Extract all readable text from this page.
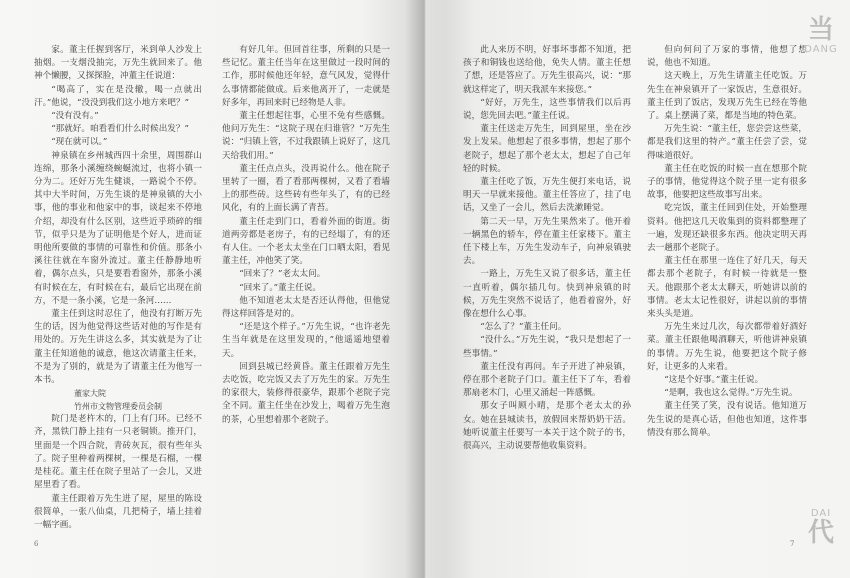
家。董主任握到客厅，米到单人沙发上抽烟。一支烟没抽完，万先生就回来了。他神个懒腰，又探探脸，冲董主任说道：

“喝高了，实在是没辙，喝一点就出汗。”他说，“没没到我们这小地方来吧？”

“没有没有。”

“那就好。咱看看们什么时候出发？”

“现在就可以。”

神泉镇在乡州城西四十余里，周围群山连绵，那条小溪缠绕蜿蜒流过，也将小镇一分为二。还好万先生健谈，一路说个不停。其中大半时间，万先生谈的是神泉镇的大小事，他的事业和他家中的事，谈起来不停地介绍，却没有什么区别，这些近乎琐碎的细节，似乎只是为了证明他是个好人，进而证明他所要做的事情的可靠性和价值。那条小溪往往就在车窗外流过。董主任静静地听着，偶尔点头，只是要看看窗外，那条小溪有时候在左，有时候在右，最后它出现在前方，不是一条小溪，它是一条河……

董主任到这时忍住了，他没有打断万先生的话，因为他觉得这些话对他的写作是有用处的。万先生讲这么多，其实就是为了让董主任知道他的诚意，他这次请董主任来，不是为了别的，就是为了请董主任为他写一本书。

董家大院
竹州市文物管理委员会制

院门是老杵木的，门上有门环。已经不齐，黑铁门静上挂有一只老铜锁。推开门，里面是一个四合院，青砖灰瓦，很有些年头了。院子里种着两棵树，一棵是石榴，一棵是桂花。董主任在院子里站了一会儿，又进屋里看了看。

董主任跟着万先生进了屋，屋里的陈设很简单，一张八仙桌，几把椅子，墙上挂着一幅字画。

有好几年。但回首往事，所剩的只是一些记忆。董主任当年在这里做过一段时间的工作，那时候他还年轻，意气风发，觉得什么事情都能做成。后来他离开了，一走就是好多年，再回来时已经物是人非。

董主任想起往事，心里不免有些感慨。他问万先生：“这院子现在归谁管？”万先生说：“归镇上管，不过我跟镇上说好了，这几天给我们用。”

董主任点点头，没再说什么。他在院子里转了一圈，看了看那两棵树，又看了看墙上的那些砖。这些砖有些年头了，有的已经风化，有的上面长满了青苔。

董主任走到门口，看着外面的街道。街道两旁都是老房子，有的已经塌了，有的还有人住。一个老太太坐在门口晒太阳，看见董主任，冲他笑了笑。

“回来了？”老太太问。

“回来了。”董主任说。

他不知道老太太是否还认得他，但他觉得这样回答是对的。

“还是这个样子。”万先生说，“也许老先生当年就是在这里发现的，”他遥遥地望着天。

回到县城已经黄昏。董主任跟着万先生去吃饭，吃完饭又去了万先生的家。万先生的家很大，装修得很豪华，跟那个老院子完全不同。董主任坐在沙发上，喝着万先生泡的茶，心里想着那个老院子。

6

此人来历不明，好事坏事都不知道，把孩子和铜钱也送给他，免失人情。董主任想了想，还是答应了。万先生很高兴，说：“那就这样定了，明天我派车来接您。”

“好好，万先生，这些事情我们以后再说，您先回去吧。”董主任说。

董主任送走万先生，回到屋里，坐在沙发上发呆。他想起了很多事情，想起了那个老院子，想起了那个老太太，想起了自己年轻的时候。

董主任吃了饭，万先生便打来电话，说明天一早就来接他。董主任答应了，挂了电话，又坐了一会儿，然后去洗漱睡觉。

第二天一早，万先生果然来了。他开着一辆黑色的轿车，停在董主任家楼下。董主任下楼上车，万先生发动车子，向神泉镇驶去。

一路上，万先生又说了很多话，董主任一直听着，偶尔插几句。快到神泉镇的时候，万先生突然不说话了，他看着窗外，好像在想什么心事。

“怎么了？”董主任问。

“没什么。”万先生说，“我只是想起了一些事情。”

董主任没有再问。车子开进了神泉镇，停在那个老院子门口。董主任下了车，看着那扇老木门，心里又涌起一阵感慨。

那女子叫顾小晴，是那个老太太的孙女。她在县城读书，放假回来帮奶奶干活。她听说董主任要写一本关于这个院子的书，很高兴，主动说要帮他收集资料。

但向何问了万家的事情，他想了想说，他也不知道。

这天晚上，万先生请董主任吃饭。万先生在神泉镇开了一家饭店，生意很好。董主任到了饭店，发现万先生已经在等他了。桌上摆满了菜，都是当地的特色菜。

万先生说：“董主任，您尝尝这些菜，都是我们这里的特产。”董主任尝了尝，觉得味道很好。

董主任在吃饭的时候一直在想那个院子的事情，他觉得这个院子里一定有很多故事，他要把这些故事写出来。

吃完饭，董主任回到住处，开始整理资料。他把这几天收集到的资料都整理了一遍，发现还缺很多东西。他决定明天再去一趟那个老院子。

董主任在那里一连住了好几天，每天都去那个老院子，有时候一待就是一整天。他跟那个老太太聊天，听她讲以前的事情。老太太记性很好，讲起以前的事情来头头是道。

万先生来过几次，每次都带着好酒好菜。董主任跟他喝酒聊天，听他讲神泉镇的事情。万先生说，他要把这个院子修好，让更多的人来看。

“这是个好事。”董主任说。

“是啊，我也这么觉得。”万先生说。

董主任笑了笑，没有说话。他知道万先生说的是真心话，但他也知道，这件事情没有那么简单。

7
当
DANG
DAI
代
